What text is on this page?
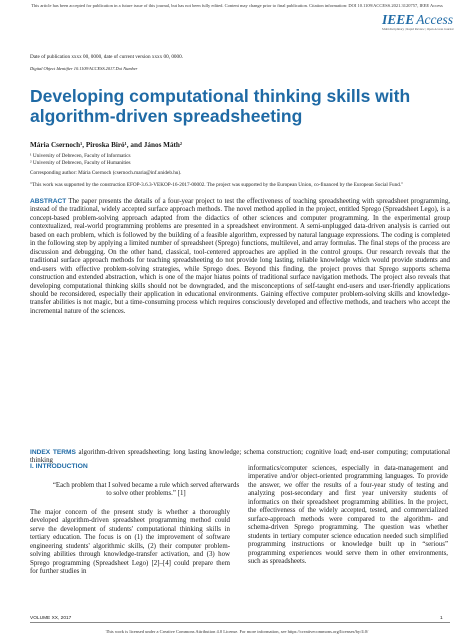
This article has been accepted for publication in a future issue of this journal, but has not been fully edited. Content may change prior to final publication. Citation information: DOI 10.1109/ACCESS.2021.3120757, IEEE Access
IEEE Access
Multidisciplinary | Rapid Review | Open Access Journal
Date of publication xxxx 00, 0000, date of current version xxxx 00, 0000.
Digital Object Identifier 10.1109/ACCESS.2017.Doi Number
Developing computational thinking skills with algorithm-driven spreadsheeting
Mária Csernoch¹, Piroska Biró¹, and János Máth²
¹ University of Debrecen, Faculty of Informatics
² University of Debrecen, Faculty of Humanities
Corresponding author: Mária Csernoch (csernoch.maria@inf.unideb.hu).
"This work was supported by the construction EFOP-3.6.3-VEKOP-16-2017-00002. The project was supported by the European Union, co-financed by the European Social Fund."
ABSTRACT The paper presents the details of a four-year project to test the effectiveness of teaching spreadsheeting with spreadsheet programming, instead of the traditional, widely accepted surface approach methods. The novel method applied in the project, entitled Sprego (Spreadsheet Lego), is a concept-based problem-solving approach adapted from the didactics of other sciences and computer programming. In the experimental group contextualized, real-world programming problems are presented in a spreadsheet environment. A semi-unplugged data-driven analysis is carried out based on each problem, which is followed by the building of a feasible algorithm, expressed by natural language expressions. The coding is completed in the following step by applying a limited number of spreadsheet (Sprego) functions, multilevel, and array formulas. The final steps of the process are discussion and debugging. On the other hand, classical, tool-centered approaches are applied in the control groups. Our research reveals that the traditional surface approach methods for teaching spreadsheeting do not provide long lasting, reliable knowledge which would provide students and end-users with effective problem-solving strategies, while Sprego does. Beyond this finding, the project proves that Sprego supports schema construction and extended abstraction, which is one of the major hiatus points of traditional surface navigation methods. The project also reveals that developing computational thinking skills should not be downgraded, and the misconceptions of self-taught end-users and user-friendly applications should be reconsidered, especially their application in educational environments. Gaining effective computer problem-solving skills and knowledge-transfer abilities is not magic, but a time-consuming process which requires consciously developed and effective methods, and teachers who accept the incremental nature of the sciences.
INDEX TERMS algorithm-driven spreadsheeting; long lasting knowledge; schema construction; cognitive load; end-user computing; computational thinking
I. INTRODUCTION
“Each problem that I solved became a rule which served afterwards to solve other problems.” [1]
The major concern of the present study is whether a thoroughly developed algorithm-driven spreadsheet programming method could serve the development of students' computational thinking skills in tertiary education. The focus is on (1) the improvement of software engineering students' algorithmic skills, (2) their computer problem-solving abilities through knowledge-transfer activation, and (3) how Sprego programming (Spreadsheet Lego) [2]–[4] could prepare them for further studies in
informatics/computer sciences, especially in data-management and imperative and/or object-oriented programming languages. To provide the answer, we offer the results of a four-year study of testing and analyzing post-secondary and first year university students of informatics on their spreadsheet programming abilities. In the project, the effectiveness of the widely accepted, tested, and commercialized surface-approach methods were compared to the algorithm- and schema-driven Sprego programming. The question was whether students in tertiary computer science education needed such simplified programming instructions or knowledge built up in “serious” programming experiences would serve them in other environments, such as spreadsheets.
VOLUME XX, 2017	1
This work is licensed under a Creative Commons Attribution 4.0 License. For more information, see https://creativecommons.org/licenses/by/4.0/
